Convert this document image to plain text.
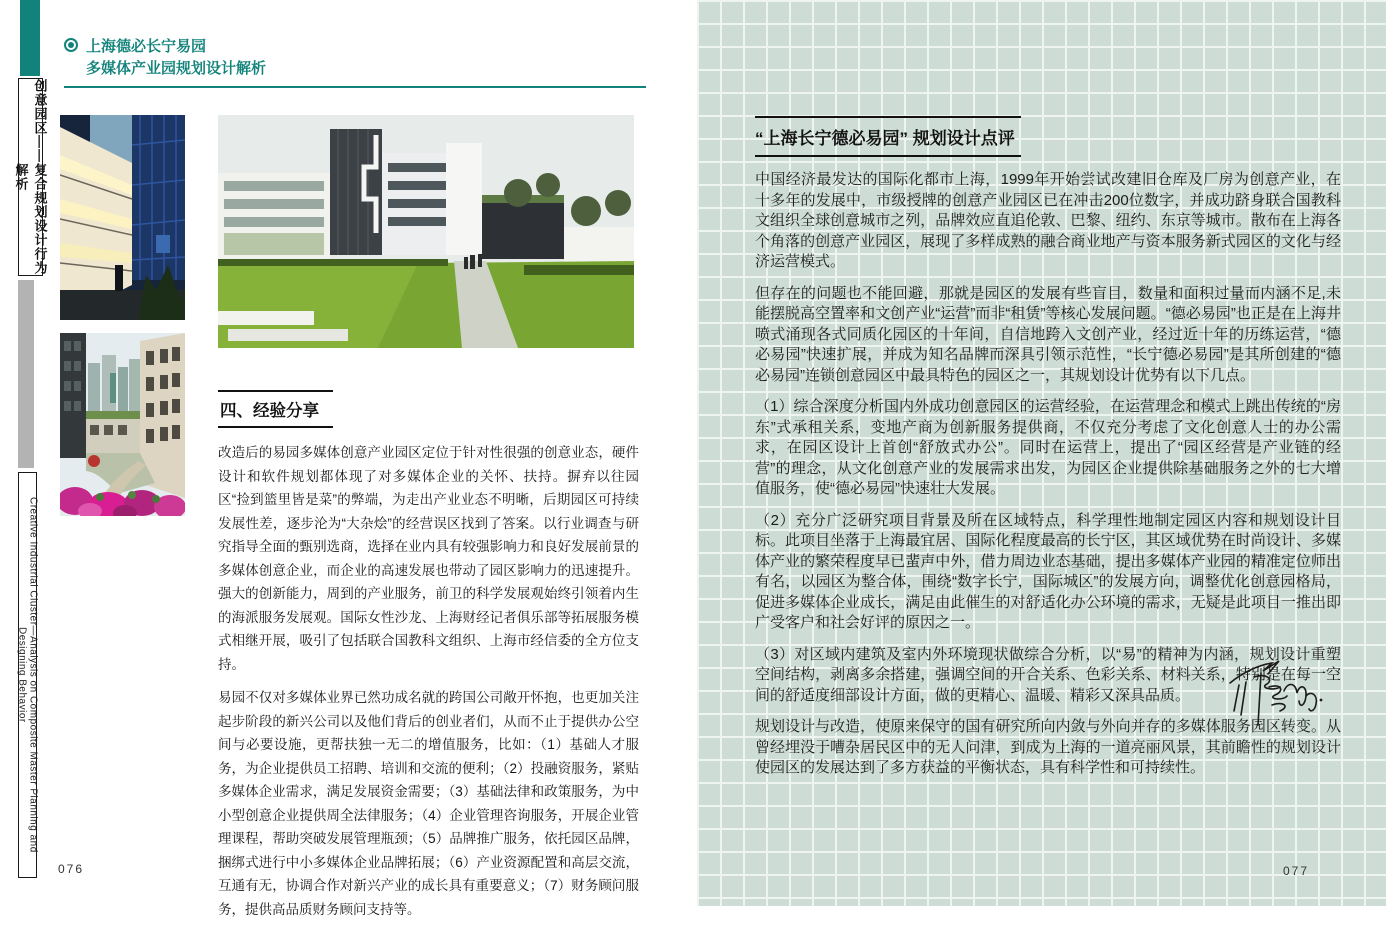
创意园区——复合规划设计行为解析
Creative Industrial Cluster—Analysis on Composite Master Planning and Designing Behavior
上海德必长宁易园
多媒体产业园规划设计解析
四、经验分享

改造后的易园多媒体创意产业园区定位于针对性很强的创意业态，硬件设计和软件规划都体现了对多媒体企业的关怀、扶持。摒弃以往园区“捡到篮里皆是菜”的弊端，为走出产业业态不明晰，后期园区可持续发展性差，逐步沦为“大杂烩”的经营误区找到了答案。以行业调查与研究指导全面的甄别选商，选择在业内具有较强影响力和良好发展前景的多媒体创意企业，而企业的高速发展也带动了园区影响力的迅速提升。强大的创新能力，周到的产业服务，前卫的科学发展观始终引领着内生的海派服务发展观。国际女性沙龙、上海财经记者俱乐部等拓展服务模式相继开展，吸引了包括联合国教科文组织、上海市经信委的全方位支持。

易园不仅对多媒体业界已然功成名就的跨国公司敞开怀抱，也更加关注起步阶段的新兴公司以及他们背后的创业者们，从而不止于提供办公空间与必要设施，更帮扶独一无二的增值服务，比如：（1）基础人才服务，为企业提供员工招聘、培训和交流的便利；（2）投融资服务，紧贴多媒体企业需求，满足发展资金需要；（3）基础法律和政策服务，为中小型创意企业提供周全法律服务；（4）企业管理咨询服务，开展企业管理课程，帮助突破发展管理瓶颈；（5）品牌推广服务，依托园区品牌，捆绑式进行中小多媒体企业品牌拓展；（6）产业资源配置和高层交流，互通有无，协调合作对新兴产业的成长具有重要意义；（7）财务顾问服务，提供高品质财务顾问支持等。

076
“上海长宁德必易园” 规划设计点评

中国经济最发达的国际化都市上海，1999年开始尝试改建旧仓库及厂房为创意产业，在十多年的发展中，市级授牌的创意产业园区已在冲击200位数字，并成功跻身联合国教科文组织全球创意城市之列，品牌效应直追伦敦、巴黎、纽约、东京等城市。散布在上海各个角落的创意产业园区，展现了多样成熟的融合商业地产与资本服务新式园区的文化与经济运营模式。

但存在的问题也不能回避，那就是园区的发展有些盲目，数量和面积过量而内涵不足,未能摆脱高空置率和文创产业“运营”而非“租赁”等核心发展问题。“德必易园”也正是在上海井喷式涌现各式同质化园区的十年间，自信地跨入文创产业，经过近十年的历练运营，“德必易园”快速扩展，并成为知名品牌而深具引领示范性，“长宁德必易园”是其所创建的“德必易园”连锁创意园区中最具特色的园区之一，其规划设计优势有以下几点。

（1）综合深度分析国内外成功创意园区的运营经验，在运营理念和模式上跳出传统的“房东”式承租关系，变地产商为创新服务提供商，不仅充分考虑了文化创意人士的办公需求，在园区设计上首创“舒放式办公”。同时在运营上，提出了“园区经营是产业链的经营”的理念，从文化创意产业的发展需求出发，为园区企业提供除基础服务之外的七大增值服务，使“德必易园”快速壮大发展。

（2）充分广泛研究项目背景及所在区域特点，科学理性地制定园区内容和规划设计目标。此项目坐落于上海最宜居、国际化程度最高的长宁区，其区域优势在时尚设计、多媒体产业的繁荣程度早已蜚声中外，借力周边业态基础，提出多媒体产业园的精准定位师出有名，以园区为整合体，围绕“数字长宁，国际城区”的发展方向，调整优化创意园格局，促进多媒体企业成长，满足由此催生的对舒适化办公环境的需求，无疑是此项目一推出即广受客户和社会好评的原因之一。

（3）对区域内建筑及室内外环境现状做综合分析，以“易”的精神为内涵，规划设计重塑空间结构，剥离多余搭建，强调空间的开合关系、色彩关系、材料关系，特别是在每一空间的舒适度细部设计方面，做的更精心、温暖、精彩又深具品质。

规划设计与改造，使原来保守的国有研究所向内敛与外向并存的多媒体服务园区转变。从曾经埋没于嘈杂居民区中的无人问津，到成为上海的一道亮丽风景，其前瞻性的规划设计使园区的发展达到了多方获益的平衡状态，具有科学性和可持续性。

077
